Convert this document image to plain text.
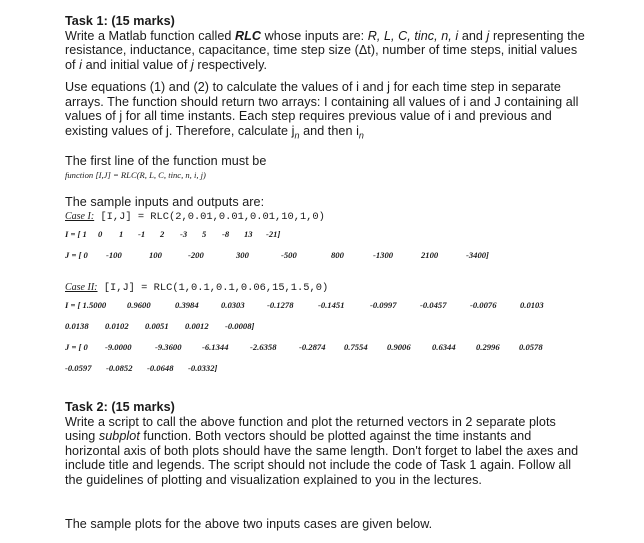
Task 1: (15 marks)

Write a Matlab function called RLC whose inputs are: R, L, C, tinc, n, i and j representing the resistance, inductance, capacitance, time step size (Δt), number of time steps, initial values of i and initial value of j respectively.

Use equations (1) and (2) to calculate the values of i and j for each time step in separate arrays. The function should return two arrays: I containing all values of i and J containing all values of j for all time instants. Each step requires previous value of i and previous and existing values of j. Therefore, calculate $j_n$ and then $i_n$

The first line of the function must be
function [I,J] = RLC(R, L, C, tinc, n, i, j)
The sample inputs and outputs are:
Case I: [I,J] = RLC(2,0.01,0.01,0.01,10,1,0)
I = [ 1 0 1 -1 2 -3 5 -8 13 -21]
J = [ 0 -100	100	-200	300	-500	800	-1300	2100	-3400]
Case II: [I,J] = RLC(1,0.1,0.1,0.06,15,1.5,0)
I = [ 1.5000 0.9600	0.3984	0.0303	-0.1278	-0.1451	-0.0997	-0.0457	-0.0076	0.0103
0.0138 0.0102 0.0051 0.0012 -0.0008]
J = [ 0 -9.0000	-9.3600 -6.1344	-2.6358	-0.2874 0.7554 0.9006 0.6344 0.2996 0.0578
-0.0597 -0.0852 -0.0648 -0.0332]

Task 2: (15 marks)

Write a script to call the above function and plot the returned vectors in 2 separate plots using subplot function. Both vectors should be plotted against the time instants and horizontal axis of both plots should have the same length. Don't forget to label the axes and include title and legends. The script should not include the code of Task 1 again. Follow all the guidelines of plotting and visualization explained to you in the lectures.

The sample plots for the above two inputs cases are given below.
